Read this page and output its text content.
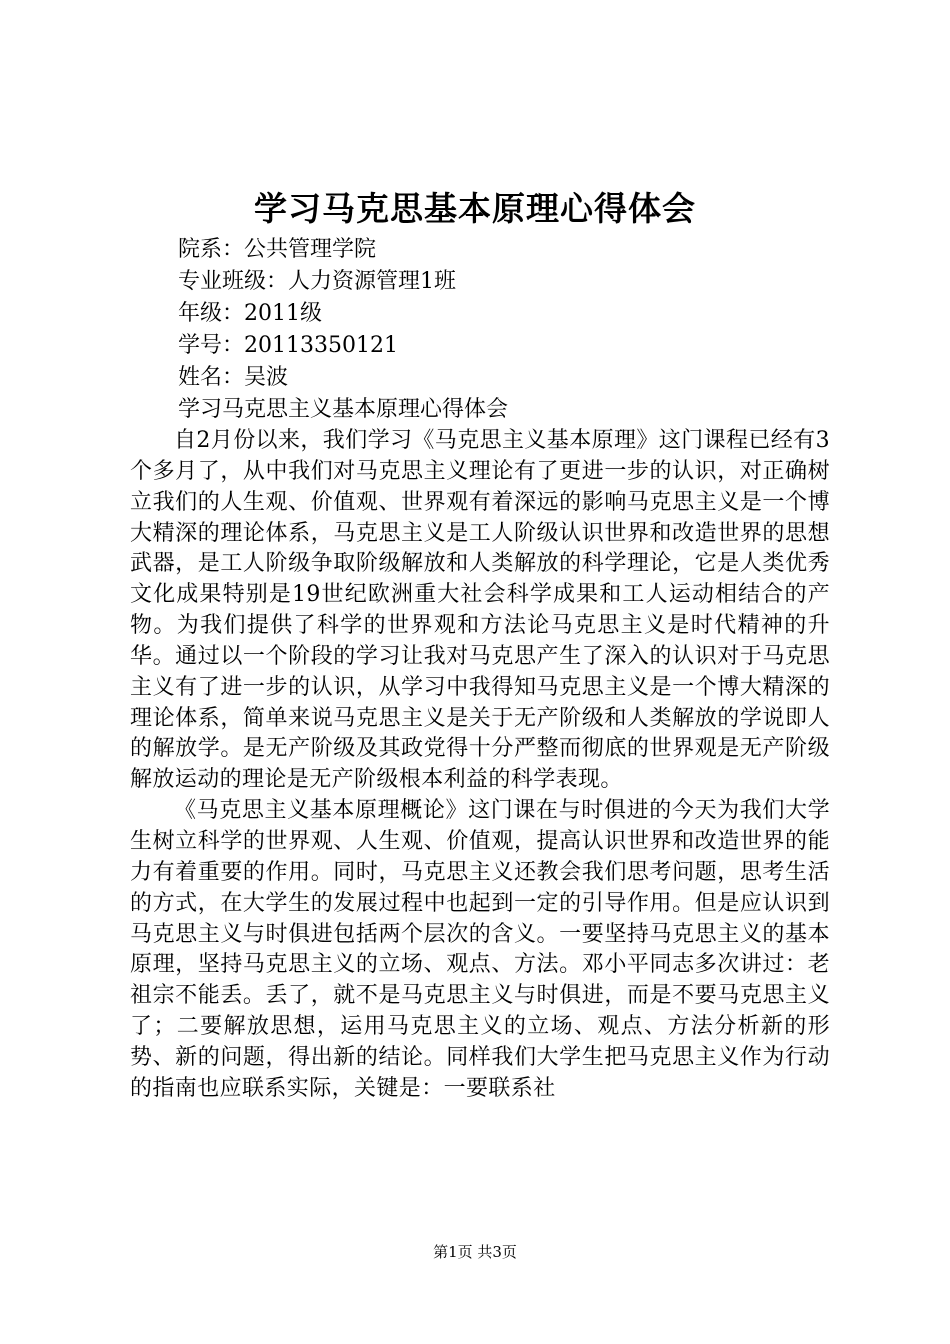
学习马克思基本原理心得体会
院系：公共管理学院
专业班级：人力资源管理1班
年级：2011级
学号：20113350121
姓名：吴波
学习马克思主义基本原理心得体会

自2月份以来，我们学习《马克思主义基本原理》这门课程已经有3个多月了，从中我们对马克思主义理论有了更进一步的认识，对正确树立我们的人生观、价值观、世界观有着深远的影响马克思主义是一个博大精深的理论体系，马克思主义是工人阶级认识世界和改造世界的思想武器，是工人阶级争取阶级解放和人类解放的科学理论，它是人类优秀文化成果特别是19世纪欧洲重大社会科学成果和工人运动相结合的产物。为我们提供了科学的世界观和方法论马克思主义是时代精神的升华。通过以一个阶段的学习让我对马克思产生了深入的认识对于马克思主义有了进一步的认识，从学习中我得知马克思主义是一个博大精深的理论体系，简单来说马克思主义是关于无产阶级和人类解放的学说即人的解放学。是无产阶级及其政党得十分严整而彻底的世界观是无产阶级解放运动的理论是无产阶级根本利益的科学表现。

《马克思主义基本原理概论》这门课在与时俱进的今天为我们大学生树立科学的世界观、人生观、价值观，提高认识世界和改造世界的能力有着重要的作用。同时，马克思主义还教会我们思考问题，思考生活的方式，在大学生的发展过程中也起到一定的引导作用。但是应认识到马克思主义与时俱进包括两个层次的含义。一要坚持马克思主义的基本原理，坚持马克思主义的立场、观点、方法。邓小平同志多次讲过：老祖宗不能丢。丢了，就不是马克思主义与时俱进，而是不要马克思主义了；二要解放思想，运用马克思主义的立场、观点、方法分析新的形势、新的问题，得出新的结论。同样我们大学生把马克思主义作为行动的指南也应联系实际，关键是：一要联系社

第1页 共3页
